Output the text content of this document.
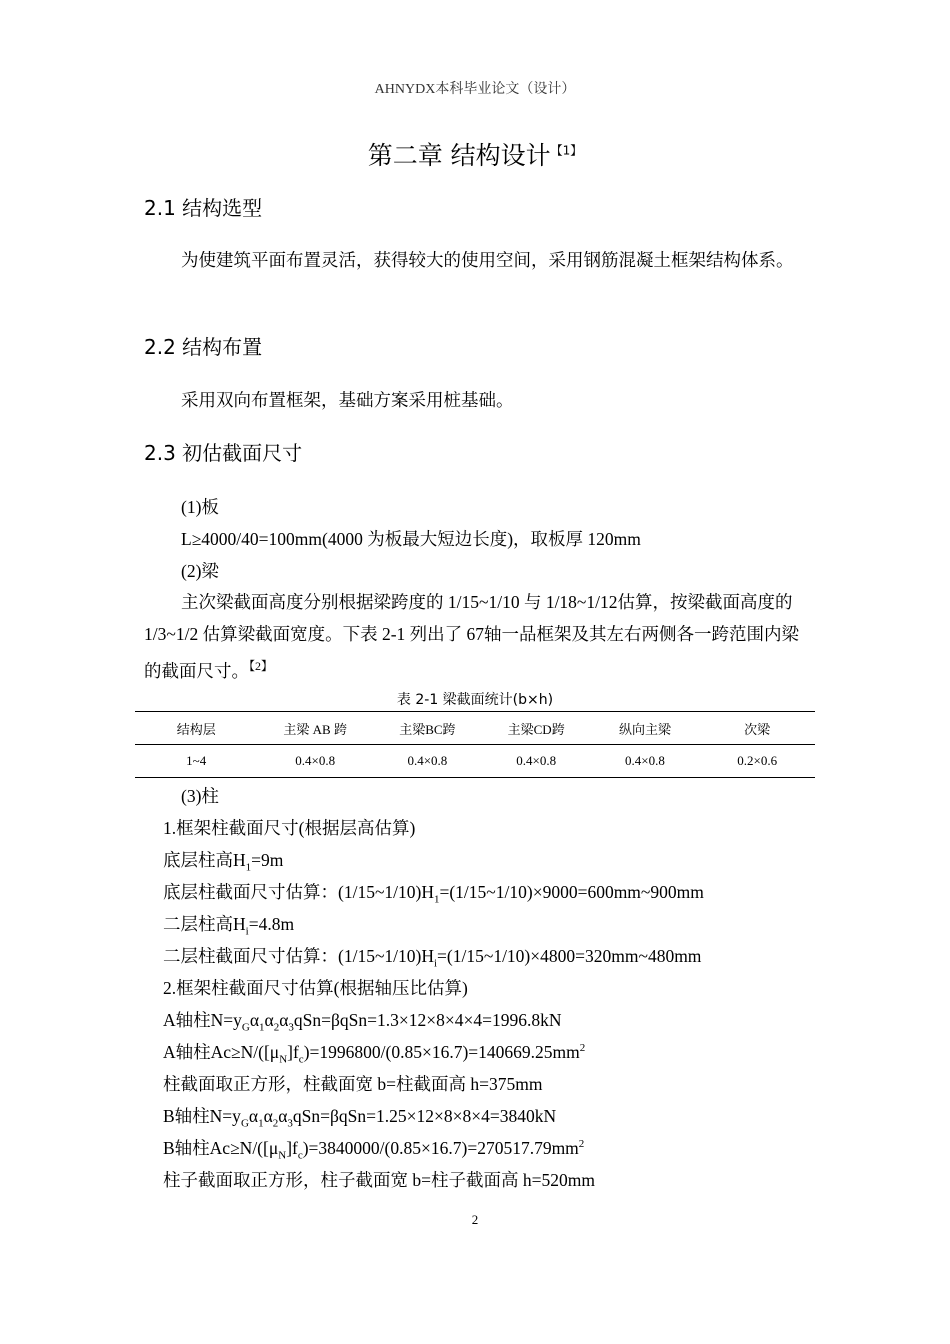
AHNYDX本科毕业论文（设计）
第二章 结构设计$^{【1】}$
2.1 结构选型
为使建筑平面布置灵活，获得较大的使用空间，采用钢筋混凝土框架结构体系。
2.2 结构布置
采用双向布置框架，基础方案采用桩基础。
2.3 初估截面尺寸
(1)板
L≥4000/40=100mm(4000 为板最大短边长度)，取板厚 120mm
(2)梁
主次梁截面高度分别根据梁跨度的 1/15~1/10 与 1/18~1/12估算，按梁截面高度的 1/3~1/2 估算梁截面宽度。下表 2-1 列出了 67轴一品框架及其左右两侧各一跨范围内梁的截面尺寸。$^{【2】}$
表 2-1 梁截面统计(b×h)
结构层	主梁 AB 跨	主梁BC跨	主梁CD跨	纵向主梁	次梁
1~4	0.4×0.8	0.4×0.8	0.4×0.8	0.4×0.8	0.2×0.6
(3)柱
1.框架柱截面尺寸(根据层高估算)
底层柱高$H_1=9m$
底层柱截面尺寸估算：$(1/15\sim 1/10)H_1=(1/15\sim 1/10)\times 9000=600mm\sim 900mm$
二层柱高$H_i=4.8m$
二层柱截面尺寸估算：$(1/15\sim 1/10)H_i=(1/15\sim 1/10)\times 4800=320mm\sim 480mm$
2.框架柱截面尺寸估算(根据轴压比估算)
A轴柱$N=y_G\alpha_1\alpha_2\alpha_3qSn=\beta qSn=1.3\times 12\times 8\times 4\times 4=1996.8kN$
A轴柱$Ac\ge N/([\mu_N]f_c)=1996800/(0.85\times 16.7)=140669.25mm^2$
柱截面取正方形，柱截面宽 b=柱截面高 h=375mm
B轴柱$N=y_G\alpha_1\alpha_2\alpha_3qSn=\beta qSn=1.25\times 12\times 8\times 8\times 4=3840kN$
B轴柱$Ac\ge N/([\mu_N]f_c)=3840000/(0.85\times 16.7)=270517.79mm^2$
柱子截面取正方形，柱子截面宽 b=柱子截面高 h=520mm
2
